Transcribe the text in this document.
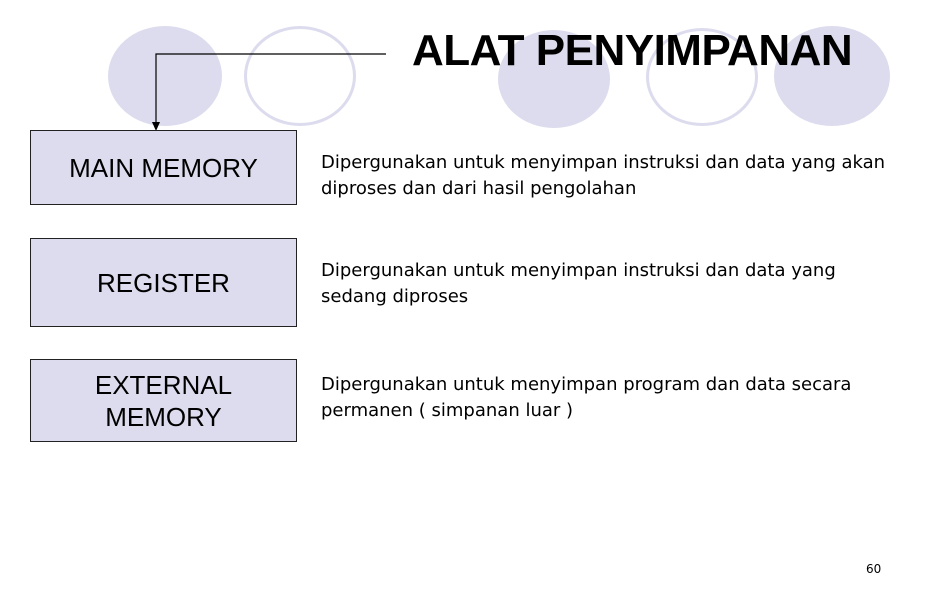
ALAT PENYIMPANAN
MAIN MEMORY	Dipergunakan untuk menyimpan instruksi dan data yang akan diproses dan dari hasil pengolahan
REGISTER	Dipergunakan untuk menyimpan instruksi dan data yang sedang diproses
EXTERNAL MEMORY
Dipergunakan untuk menyimpan program dan data secara permanen ( simpanan luar )
60
